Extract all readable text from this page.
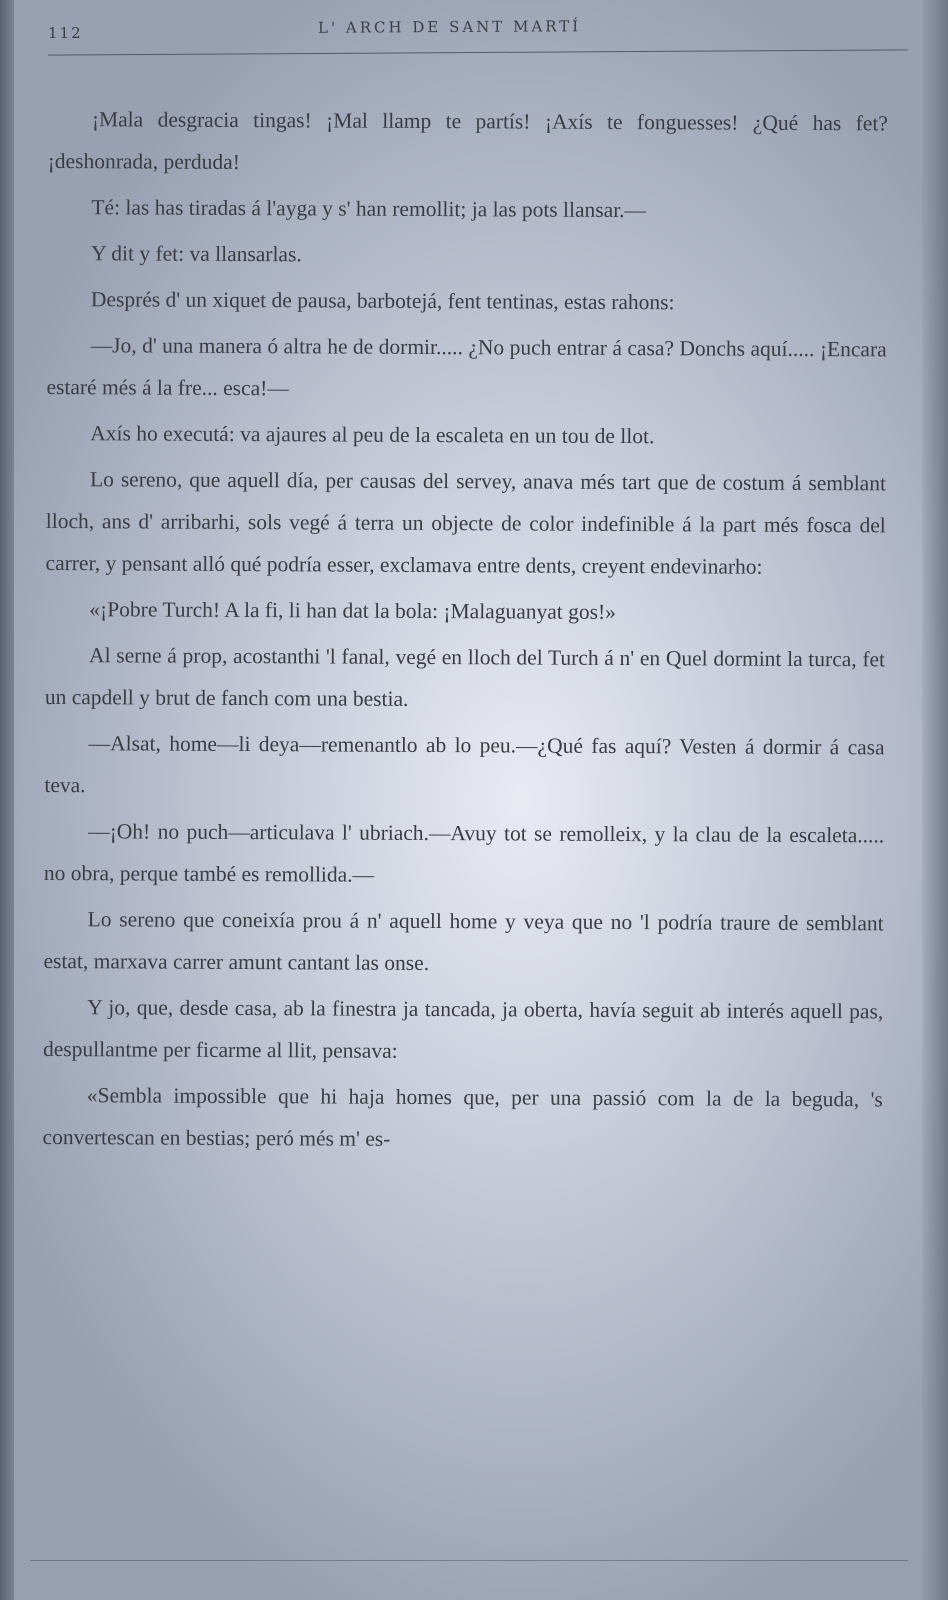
112	L' ARCH DE SANT MARTÍ

¡Mala desgracia tingas! ¡Mal llamp te partís! ¡Axís te fonguesses! ¿Qué has fet? ¡deshonrada, perduda!

Té: las has tiradas á l'ayga y s' han remollit; ja las pots llansar.—

Y dit y fet: va llansarlas.

Després d' un xiquet de pausa, barbotejá, fent tentinas, estas rahons:

—Jo, d' una manera ó altra he de dormir..... ¿No puch entrar á casa? Donchs aquí..... ¡Encara estaré més á la fre... esca!—

Axís ho executá: va ajaures al peu de la escaleta en un tou de llot.

Lo sereno, que aquell día, per causas del servey, anava més tart que de costum á semblant lloch, ans d' arribarhi, sols vegé á terra un objecte de color indefinible á la part més fosca del carrer, y pensant alló qué podría esser, exclamava entre dents, creyent endevinarho:

«¡Pobre Turch! A la fi, li han dat la bola: ¡Malaguanyat gos!»

Al serne á prop, acostanthi 'l fanal, vegé en lloch del Turch á n' en Quel dormint la turca, fet un capdell y brut de fanch com una bestia.

—Alsat, home—li deya—remenantlo ab lo peu.—¿Qué fas aquí? Vesten á dormir á casa teva.

—¡Oh! no puch—articulava l' ubriach.—Avuy tot se remolleix, y la clau de la escaleta..... no obra, perque també es remollida.—

Lo sereno que coneixía prou á n' aquell home y veya que no 'l podría traure de semblant estat, marxava carrer amunt cantant las onse.

Y jo, que, desde casa, ab la finestra ja tancada, ja oberta, havía seguit ab interés aquell pas, despullantme per ficarme al llit, pensava:

«Sembla impossible que hi haja homes que, per una passió com la de la beguda, 's convertescan en bestias; peró més m' es-
